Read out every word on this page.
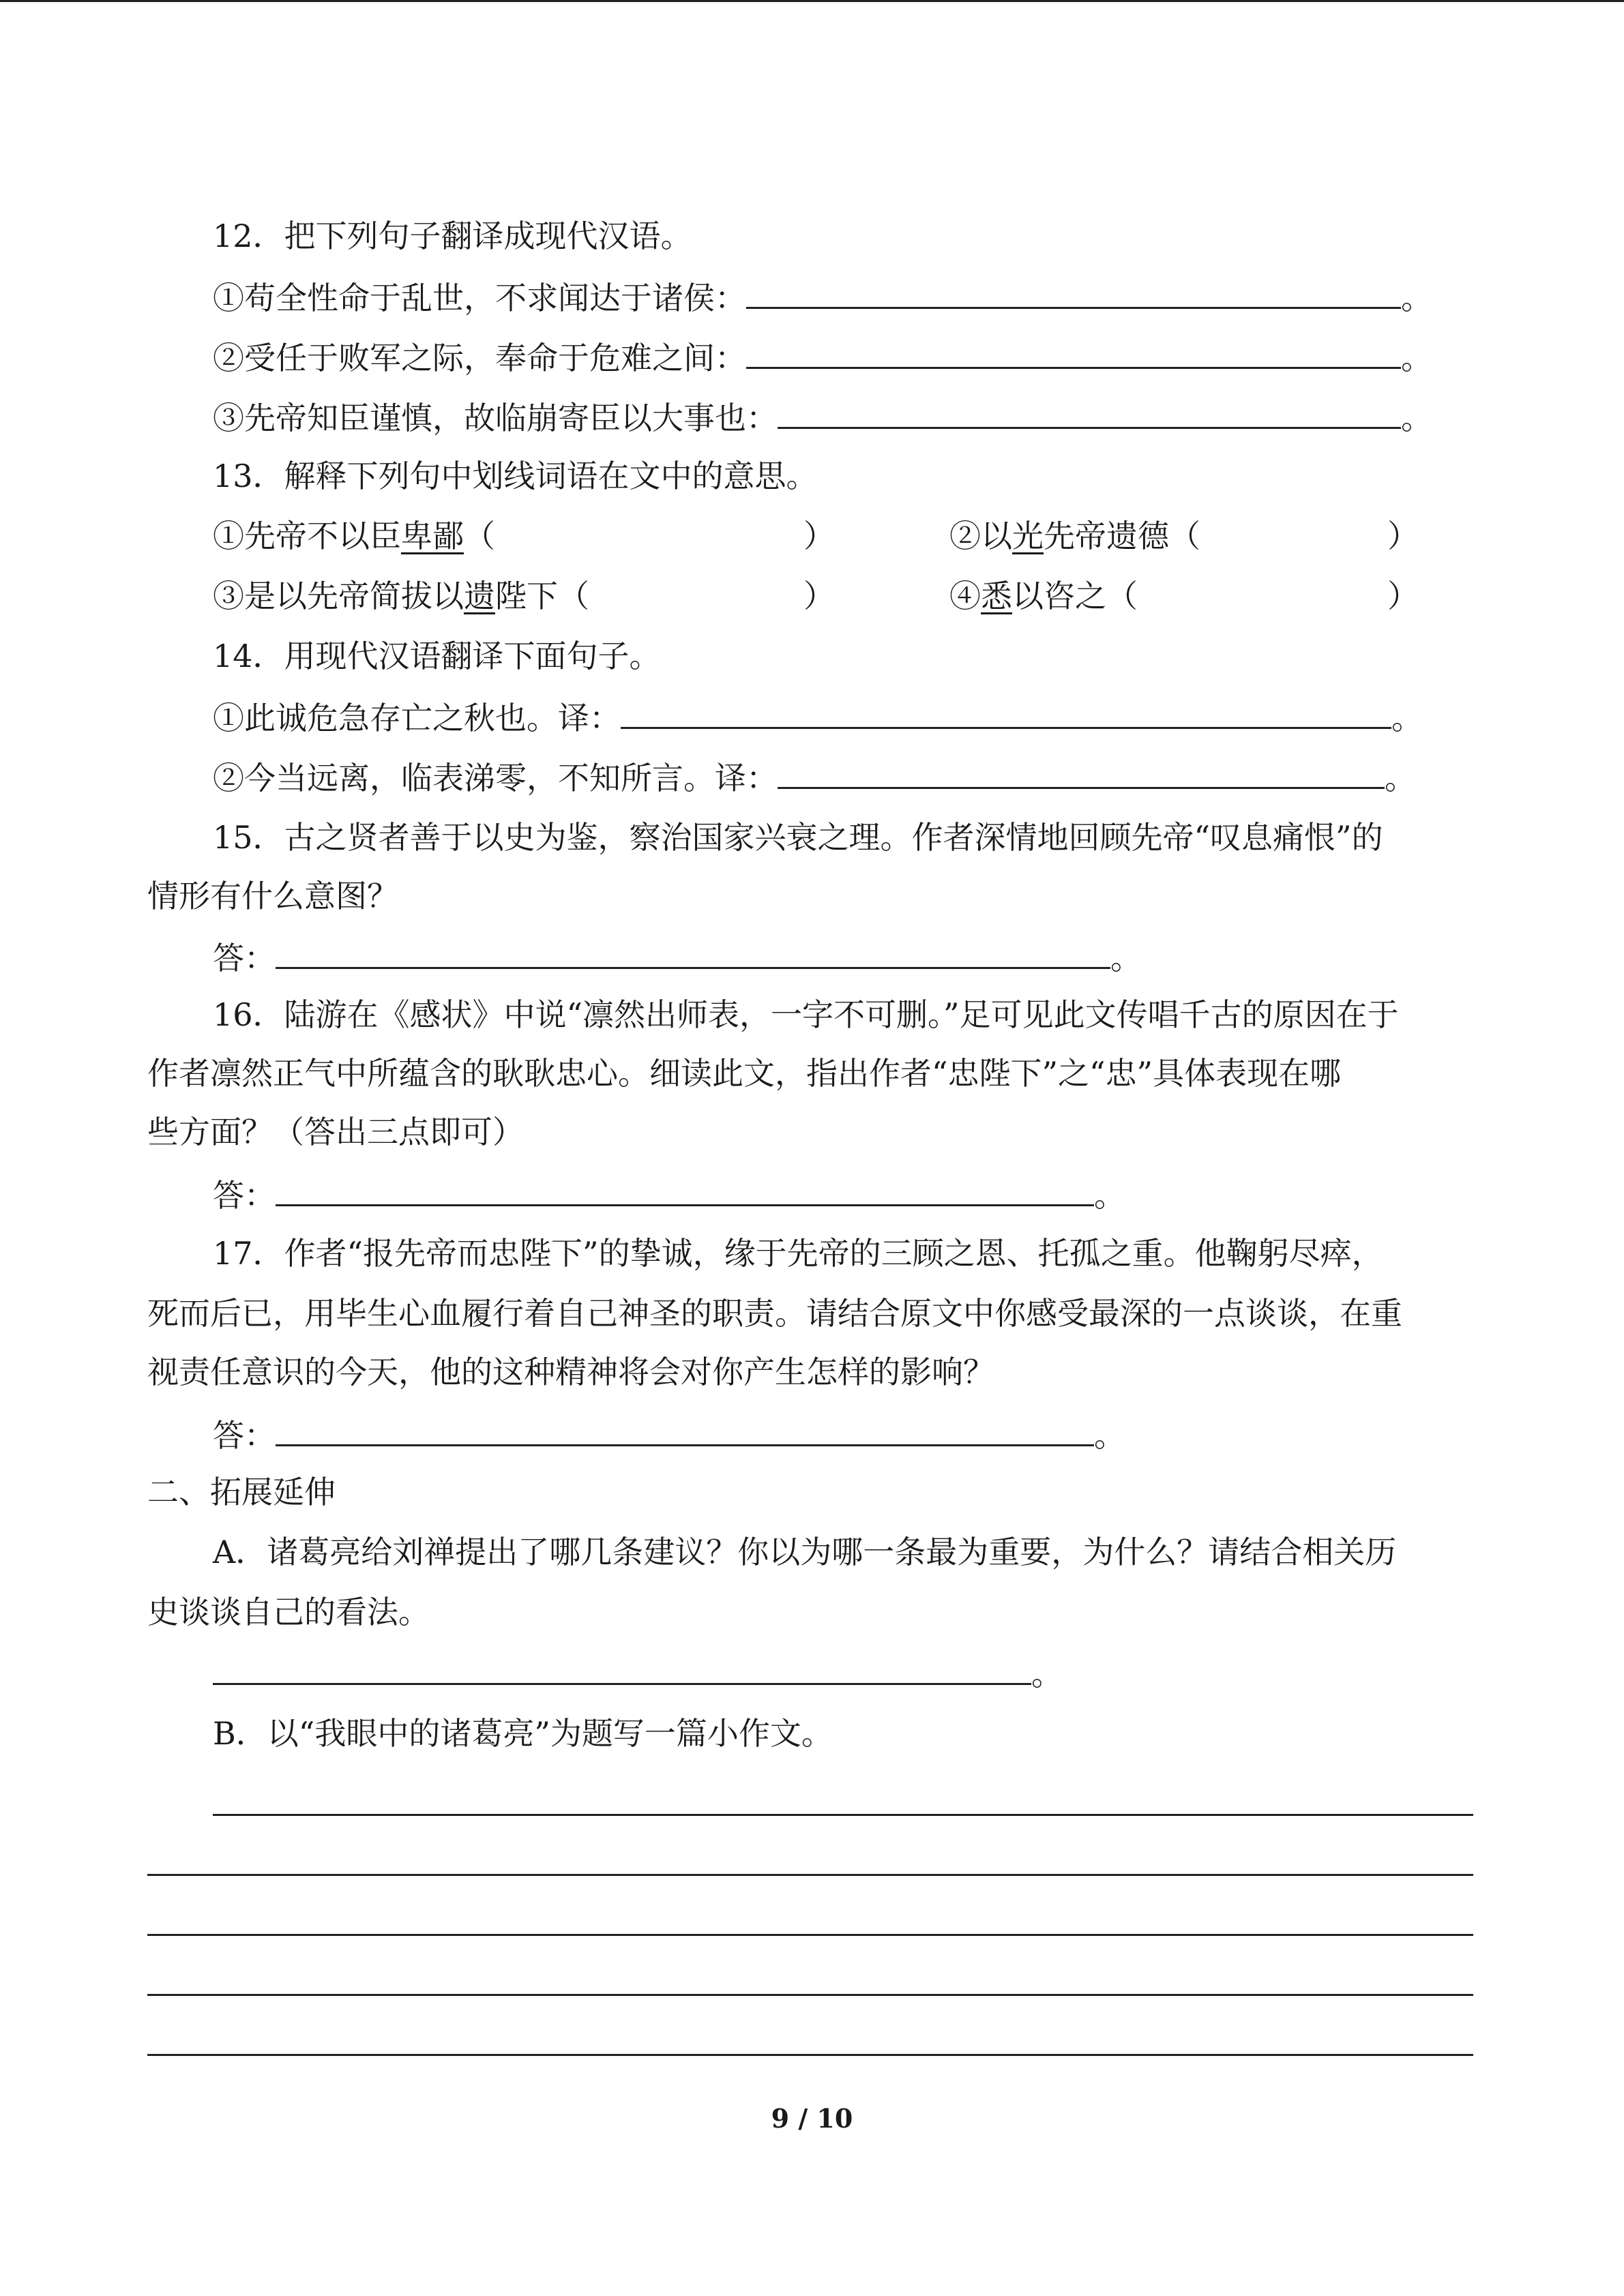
12．把下列句子翻译成现代汉语。
①苟全性命于乱世，不求闻达于诸侯：	。
②受任于败军之际，奉命于危难之间：	。
③先帝知臣谨慎，故临崩寄臣以大事也：	。
13．解释下列句中划线词语在文中的意思。
①先帝不以臣卑鄙（	）	②以光先帝遗德（	）
③是以先帝简拔以遗陛下（	）	④悉以咨之（	）
14．用现代汉语翻译下面句子。
①此诚危急存亡之秋也。译：	。
②今当远离，临表涕零，不知所言。译：	。
15．古之贤者善于以史为鉴，察治国家兴衰之理。作者深情地回顾先帝“叹息痛恨”的
情形有什么意图？
答：	。
16．陆游在《感状》中说“凛然出师表，一字不可删。”足可见此文传唱千古的原因在于
作者凛然正气中所蕴含的耿耿忠心。细读此文，指出作者“忠陛下”之“忠”具体表现在哪
些方面？（答出三点即可）
答：	。
17．作者“报先帝而忠陛下”的挚诚，缘于先帝的三顾之恩、托孤之重。他鞠躬尽瘁，
死而后已，用毕生心血履行着自己神圣的职责。请结合原文中你感受最深的一点谈谈，在重
视责任意识的今天，他的这种精神将会对你产生怎样的影响？
答：	。
二、拓展延伸
A．诸葛亮给刘禅提出了哪几条建议？你以为哪一条最为重要，为什么？请结合相关历
史谈谈自己的看法。
。
B．以“我眼中的诸葛亮”为题写一篇小作文。
9 / 10
